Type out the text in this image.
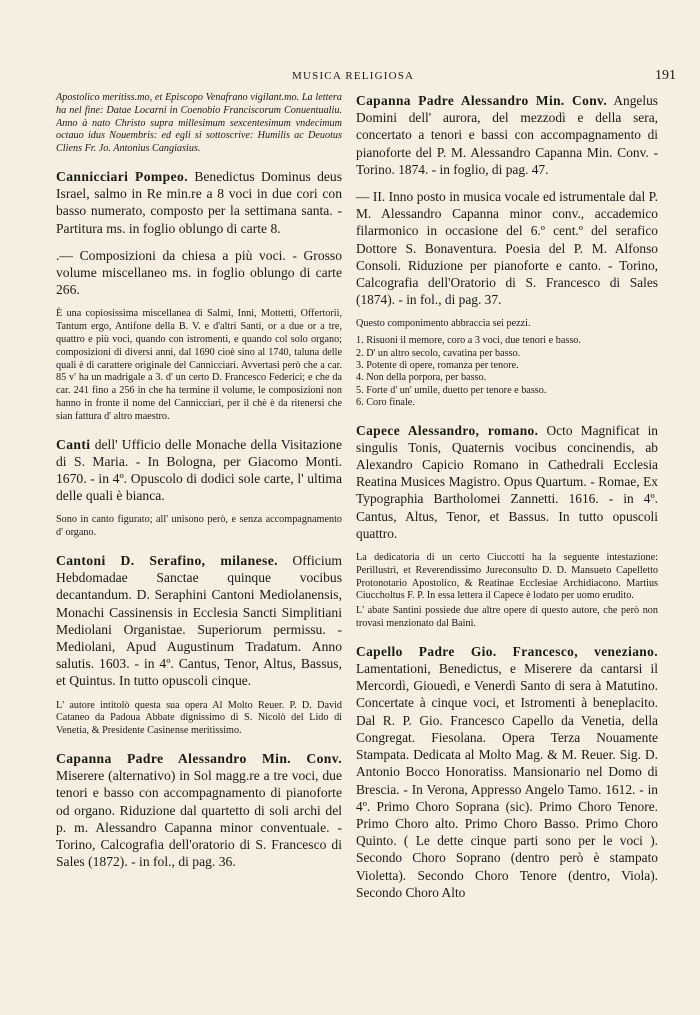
MUSICA RELIGIOSA	191

Apostolico meritiss.mo, et Episcopo Venafrano vigilant.mo. La lettera ha nel fine: Datae Locarni in Coenobio Franciscorum Conuentualiu. Anno à nato Christo supra millesimum sexcentesimum vndecimum octauo idus Nouembris: ed egli si sottoscrive: Humilis ac Deuotus Cliens Fr. Jo. Antonius Cangiasius.

Cannicciari Pompeo. Benedictus Dominus deus Israel, salmo in Re min.re a 8 voci in due cori con basso numerato, composto per la settimana santa. - Partitura ms. in foglio oblungo di carte 8.

.— Composizioni da chiesa a più voci. - Grosso volume miscellaneo ms. in foglio oblungo di carte 266.

È una copiosissima miscellanea di Salmi, Inni, Mottetti, Offertorii, Tantum ergo, Antifone della B. V. e d'altri Santi, or a due or a tre, quattro e più voci, quando con istromenti, e quando col solo organo; composizioni di diversi anni, dal 1690 cioè sino al 1740, taluna delle quali è di carattere originale del Cannicciari. Avvertasi però che a car. 85 v' ha un madrigale a 3. d' un certo D. Francesco Federici; e che da car. 241 fino a 256 in che ha termine il volume, le composizioni non hanno in fronte il nome del Cannicciari, per il chè è da ritenersi che sian fattura d' altro maestro.

Canti dell' Ufficio delle Monache della Visitazione di S. Maria. - In Bologna, per Giacomo Monti. 1670. - in 4º. Opuscolo di dodici sole carte, l' ultima delle quali è bianca.

Sono in canto figurato; all' unisono però, e senza accompagnamento d' organo.

Cantoni D. Serafino, milanese. Officium Hebdomadae Sanctae quinque vocibus decantandum. D. Seraphini Cantoni Mediolanensis, Monachi Cassinensis in Ecclesia Sancti Simplitiani Mediolani Organistae. Superiorum permissu. - Mediolani, Apud Augustinum Tradatum. Anno salutis. 1603. - in 4º. Cantus, Tenor, Altus, Bassus, et Quintus. In tutto opuscoli cinque.

L' autore intitolò questa sua opera Al Molto Reuer. P. D. David Cataneo da Padoua Abbate dignissimo di S. Nicolò del Lido di Venetia, & Presidente Casinense meritissimo.

Capanna Padre Alessandro Min. Conv. Miserere (alternativo) in Sol magg.re a tre voci, due tenori e basso con accompagnamento di pianoforte od organo. Riduzione dal quartetto di soli archi del p. m. Alessandro Capanna minor conventuale. - Torino, Calcografia dell'oratorio di S. Francesco di Sales (1872). - in fol., di pag. 36.

Capanna Padre Alessandro Min. Conv. Angelus Domini dell' aurora, del mezzodì e della sera, concertato a tenori e bassi con accompagnamento di pianoforte del P. M. Alessandro Capanna Min. Conv. - Torino. 1874. - in foglio, di pag. 47.

— II. Inno posto in musica vocale ed istrumentale dal P. M. Alessandro Capanna minor conv., accademico filarmonico in occasione del 6.º cent.º del serafico Dottore S. Bonaventura. Poesia del P. M. Alfonso Consoli. Riduzione per pianoforte e canto. - Torino, Calcografia dell'Oratorio di S. Francesco di Sales (1874). - in fol., di pag. 37.

Questo componimento abbraccia sei pezzi.

1. Risuoni il memore, coro a 3 voci, due tenori e basso.
2. D' un altro secolo, cavatina per basso.
3. Potente di opere, romanza per tenore.
4. Non della porpora, per basso.
5. Forte d' un' umile, duetto per tenore e basso.
6. Coro finale.

Capece Alessandro, romano. Octo Magnificat in singulis Tonis, Quaternis vocibus concinendis, ab Alexandro Capicio Romano in Cathedrali Ecclesia Reatina Musices Magistro. Opus Quartum. - Romae, Ex Typographia Bartholomei Zannetti. 1616. - in 4º. Cantus, Altus, Tenor, et Bassus. In tutto opuscoli quattro.

La dedicatoria di un certo Ciuccotti ha la seguente intestazione: Perillustri, et Reverendissimo Jureconsulto D. D. Mansueto Capelletto Protonotario Apostolico, & Reatinae Ecclesiae Archidiacono. Martius Ciuccholtus F. P. In essa lettera il Capece è lodato per uomo erudito.

L' abate Santini possiede due altre opere di questo autore, che però non trovasi menzionato dal Baini.

Capello Padre Gio. Francesco, veneziano. Lamentationi, Benedictus, e Miserere da cantarsi il Mercordì, Giouedì, e Venerdì Santo di sera à Matutino. Concertate à cinque voci, et Istromenti à beneplacito. Dal R. P. Gio. Francesco Capello da Venetia, della Congregat. Fiesolana. Opera Terza Nouamente Stampata. Dedicata al Molto Mag. & M. Reuer. Sig. D. Antonio Bocco Honoratiss. Mansionario nel Domo di Brescia. - In Verona, Appresso Angelo Tamo. 1612. - in 4º. Primo Choro Soprana (sic). Primo Choro Tenore. Primo Choro alto. Primo Choro Basso. Primo Choro Quinto. ( Le dette cinque parti sono per le voci ). Secondo Choro Soprano (dentro però è stampato Violetta). Secondo Choro Tenore (dentro, Viola). Secondo Choro Alto
